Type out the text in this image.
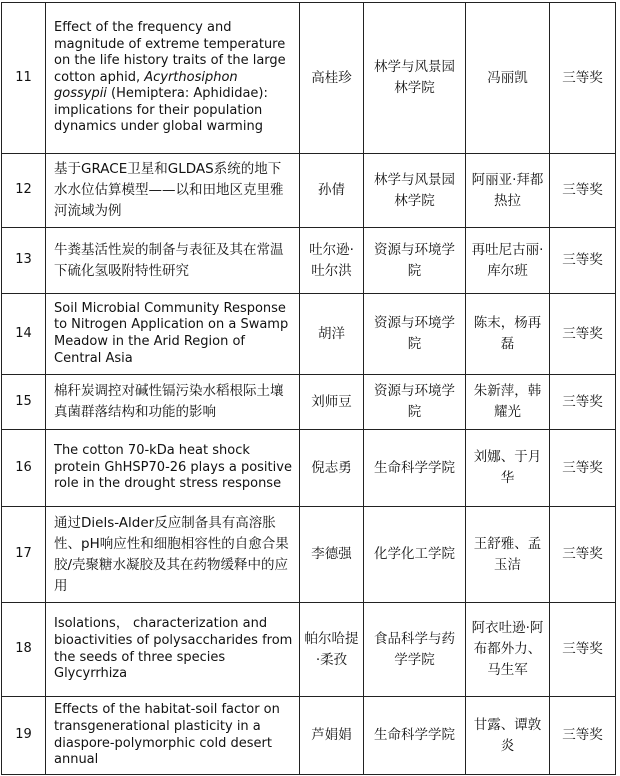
11	Effect of the frequency and magnitude of extreme temperature on the life history traits of the large cotton aphid, Acyrthosiphon gossypii (Hemiptera: Aphididae): implications for their population dynamics under global warming	高桂珍	林学与风景园林学院	冯丽凯	三等奖
12	基于GRACE卫星和GLDAS系统的地下水水位估算模型——以和田地区克里雅河流域为例	孙倩	林学与风景园林学院	阿丽亚·拜都热拉	三等奖
13	牛粪基活性炭的制备与表征及其在常温下硫化氢吸附特性研究	吐尔逊·吐尔洪	资源与环境学院	再吐尼古丽·库尔班	三等奖
14	Soil Microbial Community Response to Nitrogen Application on a Swamp Meadow in the Arid Region of Central Asia	胡洋	资源与环境学院	陈末，杨再磊	三等奖
15	棉秆炭调控对碱性镉污染水稻根际土壤真菌群落结构和功能的影响	刘师豆	资源与环境学院	朱新萍，韩耀光	三等奖
16	The cotton 70-kDa heat shock protein GhHSP70-26 plays a positive role in the drought stress response	倪志勇	生命科学学院	刘娜、于月华	三等奖
17	通过Diels-Alder反应制备具有高溶胀性、pH响应性和细胞相容性的自愈合果胶/壳聚糖水凝胶及其在药物缓释中的应用	李德强	化学化工学院	王舒雅、孟玉洁	三等奖
18	Isolations， characterization and bioactivities of polysaccharides from the seeds of three species Glycyrrhiza	帕尔哈提·柔孜	食品科学与药学学院	阿衣吐逊·阿布都外力、马生军	三等奖
19	Effects of the habitat-soil factor on transgenerational plasticity in a diaspore-polymorphic cold desert annual	芦娟娟	生命科学学院	甘露、谭敦炎	三等奖
